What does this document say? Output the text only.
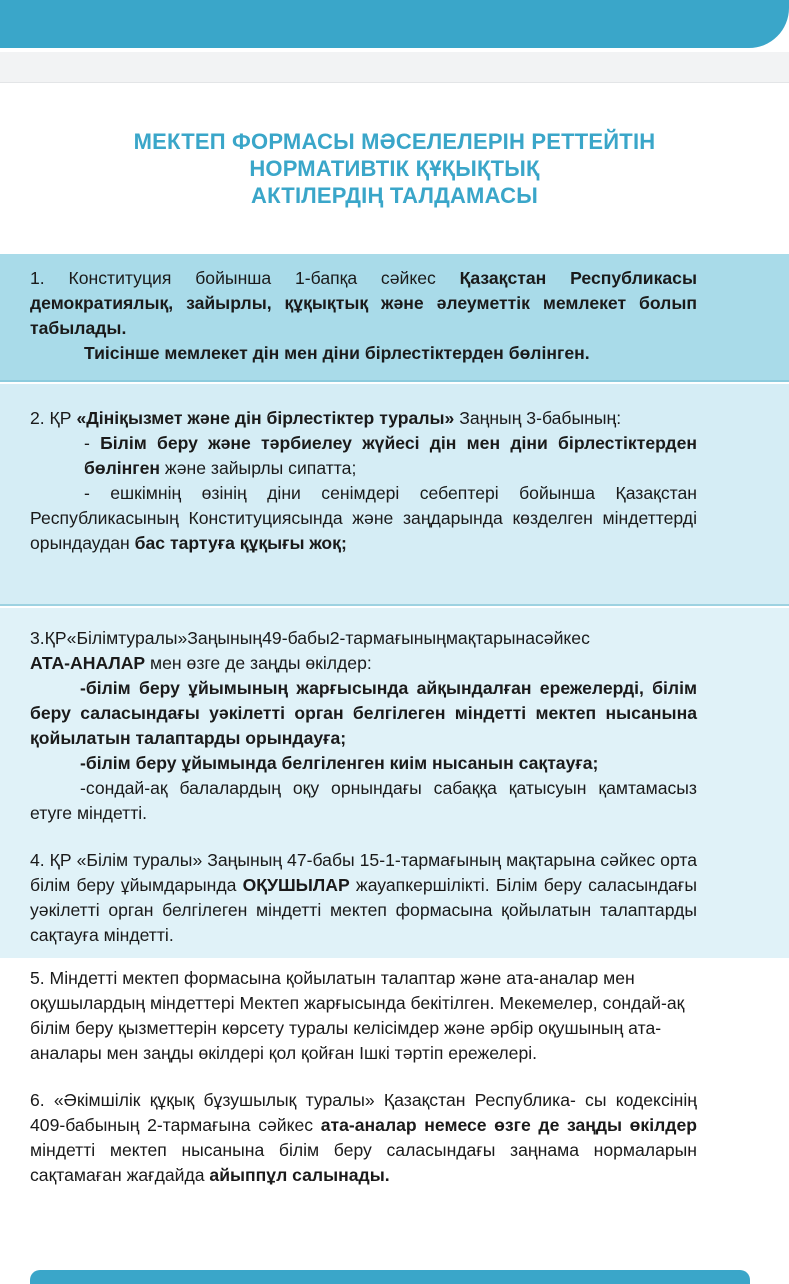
МЕКТЕП ФОРМАСЫ МӘСЕЛЕЛЕРІН РЕТТЕЙТІН
НОРМАТИВТІК ҚҰҚЫҚТЫҚ
АКТІЛЕРДІҢ ТАЛДАМАСЫ

1. Конституция бойынша 1-бапқа сәйкес Қазақстан Республикасы демократиялық, зайырлы, құқықтық және әлеуметтік мемлекет болып табылады.

Тиісінше мемлекет дін мен діни бірлестіктерден бөлінген.

2. ҚР «Дініқызмет және дін бірлестіктер туралы» Заңның 3-бабының:

- Білім беру және тәрбиелеу жүйесі дін мен діни бірлестіктерден бөлінген және зайырлы сипатта;

- ешкімнің өзінің діни сенімдері себептері бойынша Қазақстан Республикасының Конституциясында және заңдарында көзделген міндеттерді орындаудан бас тартуға құқығы жоқ;

3.ҚР«Білімтуралы»Заңының49-бабы2-тармағыныңмақтарынасәйкес
АТА-АНАЛАР мен өзге де заңды өкілдер:

-білім беру ұйымының жарғысында айқындалған ережелерді, білім беру саласындағы уәкілетті орган белгілеген міндетті мектеп нысанына қойылатын талаптарды орындауға;

-білім беру ұйымында белгіленген киім нысанын сақтауға;

-сондай-ақ балалардың оқу орнындағы сабаққа қатысуын қамтамасыз етуге міндетті.

4. ҚР «Білім туралы» Заңының 47-бабы 15-1-тармағының мақтарына сәйкес орта білім беру ұйымдарында ОҚУШЫЛАР жауапкершілікті. Білім беру саласындағы уәкілетті орган белгілеген міндетті мектеп формасына қойылатын талаптарды сақтауға міндетті.

5. Міндетті мектеп формасына қойылатын талаптар және ата-аналар мен оқушылардың міндеттері Мектеп жарғысында бекітілген. Мекемелер, сондай-ақ білім беру қызметтерін көрсету туралы келісімдер және әрбір оқушының ата-аналары мен заңды өкілдері қол қойған Ішкі тәртіп ережелері.

6. «Әкімшілік құқық бұзушылық туралы» Қазақстан Республика- сы кодексінің 409-бабының 2-тармағына сәйкес ата-аналар немесе өзге де заңды өкілдер міндетті мектеп нысанына білім беру саласындағы заңнама нормаларын сақтамаған жағдайда айыппұл салынады.
